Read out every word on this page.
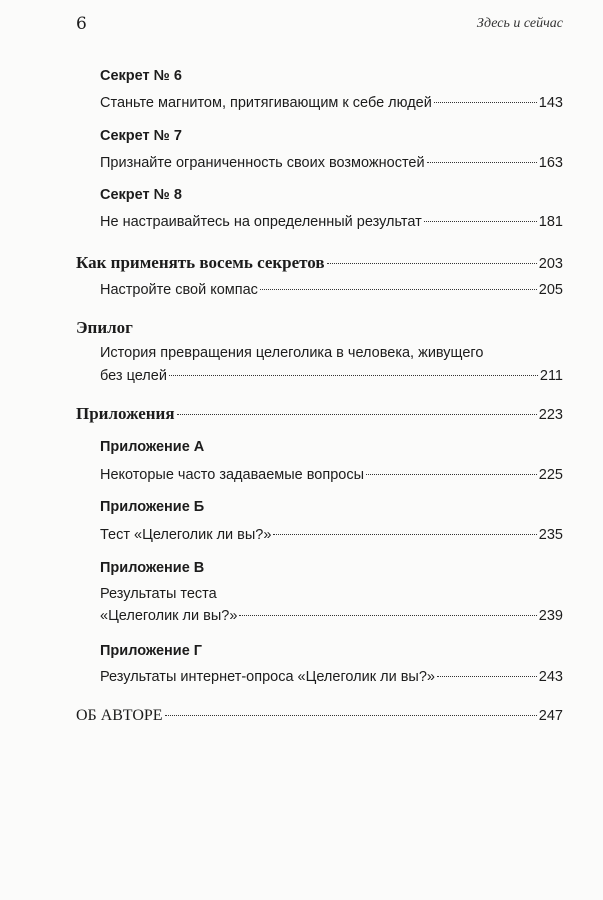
6	Здесь и сейчас
Секрет № 6
Станьте магнитом, притягивающим к себе людей	143
Секрет № 7
Признайте ограниченность своих возможностей	163
Секрет № 8
Не настраивайтесь на определенный результат	181
Как применять восемь секретов	203
Настройте свой компас	205
Эпилог
История превращения целеголика в человека, живущего
без целей	211
Приложения	223
Приложение А
Некоторые часто задаваемые вопросы	225
Приложение Б
Тест «Целеголик ли вы?»	235
Приложение В
Результаты теста
«Целеголик ли вы?»	239
Приложение Г
Результаты интернет-опроса «Целеголик ли вы?»	243
ОБ АВТОРЕ	247
